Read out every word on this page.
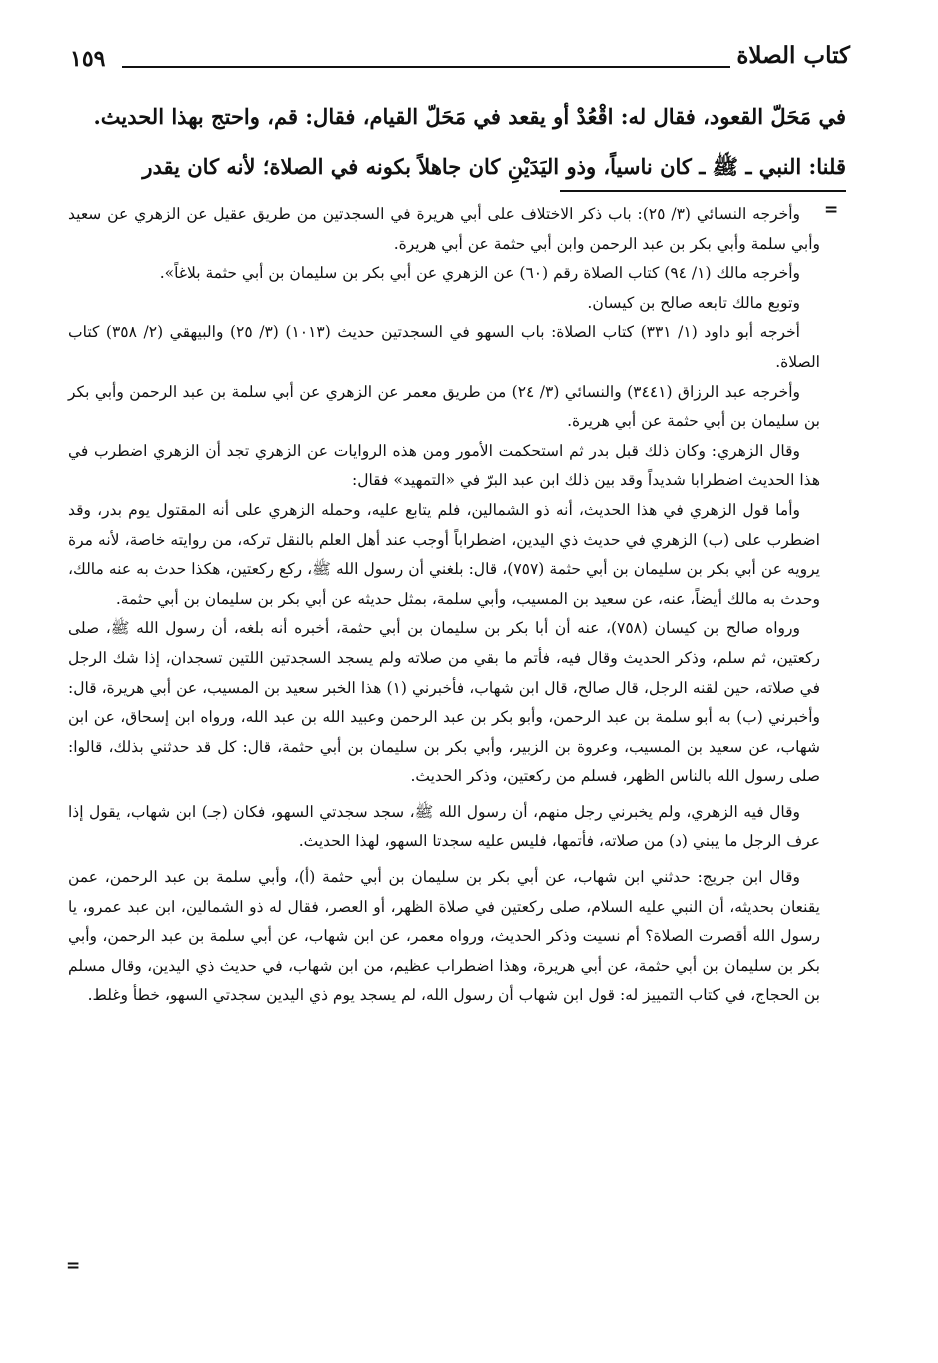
كتاب الصلاة
١٥٩

في مَحَلّ القعود، فقال له: اقْعُدْ أو يقعد في مَحَلّ القيام، فقال: قم، واحتج بهذا الحديث.

قلنا: النبي ـ ﷺ ـ كان ناسياً، وذو اليَدَيْنِ كان جاهلاً بكونه في الصلاة؛ لأنه كان يقدر

=

وأخرجه النسائي (٣/ ٢٥): باب ذكر الاختلاف على أبي هريرة في السجدتين من طريق عقيل عن الزهري عن سعيد وأبي سلمة وأبي بكر بن عبد الرحمن وابن أبي حثمة عن أبي هريرة.

وأخرجه مالك (١/ ٩٤) كتاب الصلاة رقم (٦٠) عن الزهري عن أبي بكر بن سليمان بن أبي حثمة بلاغاً».

وتوبع مالك تابعه صالح بن كيسان.

أخرجه أبو داود (١/ ٣٣١) كتاب الصلاة: باب السهو في السجدتين حديث (١٠١٣) (٣/ ٢٥) والبيهقي (٢/ ٣٥٨) كتاب الصلاة.

وأخرجه عبد الرزاق (٣٤٤١) والنسائي (٣/ ٢٤) من طريق معمر عن الزهري عن أبي سلمة بن عبد الرحمن وأبي بكر بن سليمان بن أبي حثمة عن أبي هريرة.

وقال الزهري: وكان ذلك قبل بدر ثم استحكمت الأمور ومن هذه الروايات عن الزهري تجد أن الزهري اضطرب في هذا الحديث اضطرابا شديداً وقد بين ذلك ابن عبد البرّ في «التمهيد» فقال:

وأما قول الزهري في هذا الحديث، أنه ذو الشمالين، فلم يتابع عليه، وحمله الزهري على أنه المقتول يوم بدر، وقد اضطرب على (ب) الزهري في حديث ذي اليدين، اضطراباً أوجب عند أهل العلم بالنقل تركه، من روايته خاصة، لأنه مرة يرويه عن أبي بكر بن سليمان بن أبي حثمة (٧٥٧)، قال: بلغني أن رسول الله ﷺ، ركع ركعتين، هكذا حدث به عنه مالك، وحدث به مالك أيضاً، عنه، عن سعيد بن المسيب، وأبي سلمة، بمثل حديثه عن أبي بكر بن سليمان بن أبي حثمة.

ورواه صالح بن كيسان (٧٥٨)، عنه أن أبا بكر بن سليمان بن أبي حثمة، أخبره أنه بلغه، أن رسول الله ﷺ، صلى ركعتين، ثم سلم، وذكر الحديث وقال فيه، فأتم ما بقي من صلاته ولم يسجد السجدتين اللتين تسجدان، إذا شك الرجل في صلاته، حين لقنه الرجل، قال صالح، قال ابن شهاب، فأخبرني (١) هذا الخبر سعيد بن المسيب، عن أبي هريرة، قال: وأخبرني (ب) به أبو سلمة بن عبد الرحمن، وأبو بكر بن عبد الرحمن وعبيد الله بن عبد الله، ورواه ابن إسحاق، عن ابن شهاب، عن سعيد بن المسيب، وعروة بن الزبير، وأبي بكر بن سليمان بن أبي حثمة، قال: كل قد حدثني بذلك، قالوا: صلى رسول الله بالناس الظهر، فسلم من ركعتين، وذكر الحديث.

وقال فيه الزهري، ولم يخبرني رجل منهم، أن رسول الله ﷺ، سجد سجدتي السهو، فكان (جـ) ابن شهاب، يقول إذا عرف الرجل ما يبني (د) من صلاته، فأتمها، فليس عليه سجدتا السهو، لهذا الحديث.

وقال ابن جريج: حدثني ابن شهاب، عن أبي بكر بن سليمان بن أبي حثمة (أ)، وأبي سلمة بن عبد الرحمن، عمن يقنعان بحديثه، أن النبي عليه السلام، صلى ركعتين في صلاة الظهر، أو العصر، فقال له ذو الشمالين، ابن عبد عمرو، يا رسول الله أقصرت الصلاة؟ أم نسيت وذكر الحديث، ورواه معمر، عن ابن شهاب، عن أبي سلمة بن عبد الرحمن، وأبي بكر بن سليمان بن أبي حثمة، عن أبي هريرة، وهذا اضطراب عظيم، من ابن شهاب، في حديث ذي اليدين، وقال مسلم بن الحجاج، في كتاب التمييز له: قول ابن شهاب أن رسول الله، لم يسجد يوم ذي اليدين سجدتي السهو، خطأ وغلط.

=
